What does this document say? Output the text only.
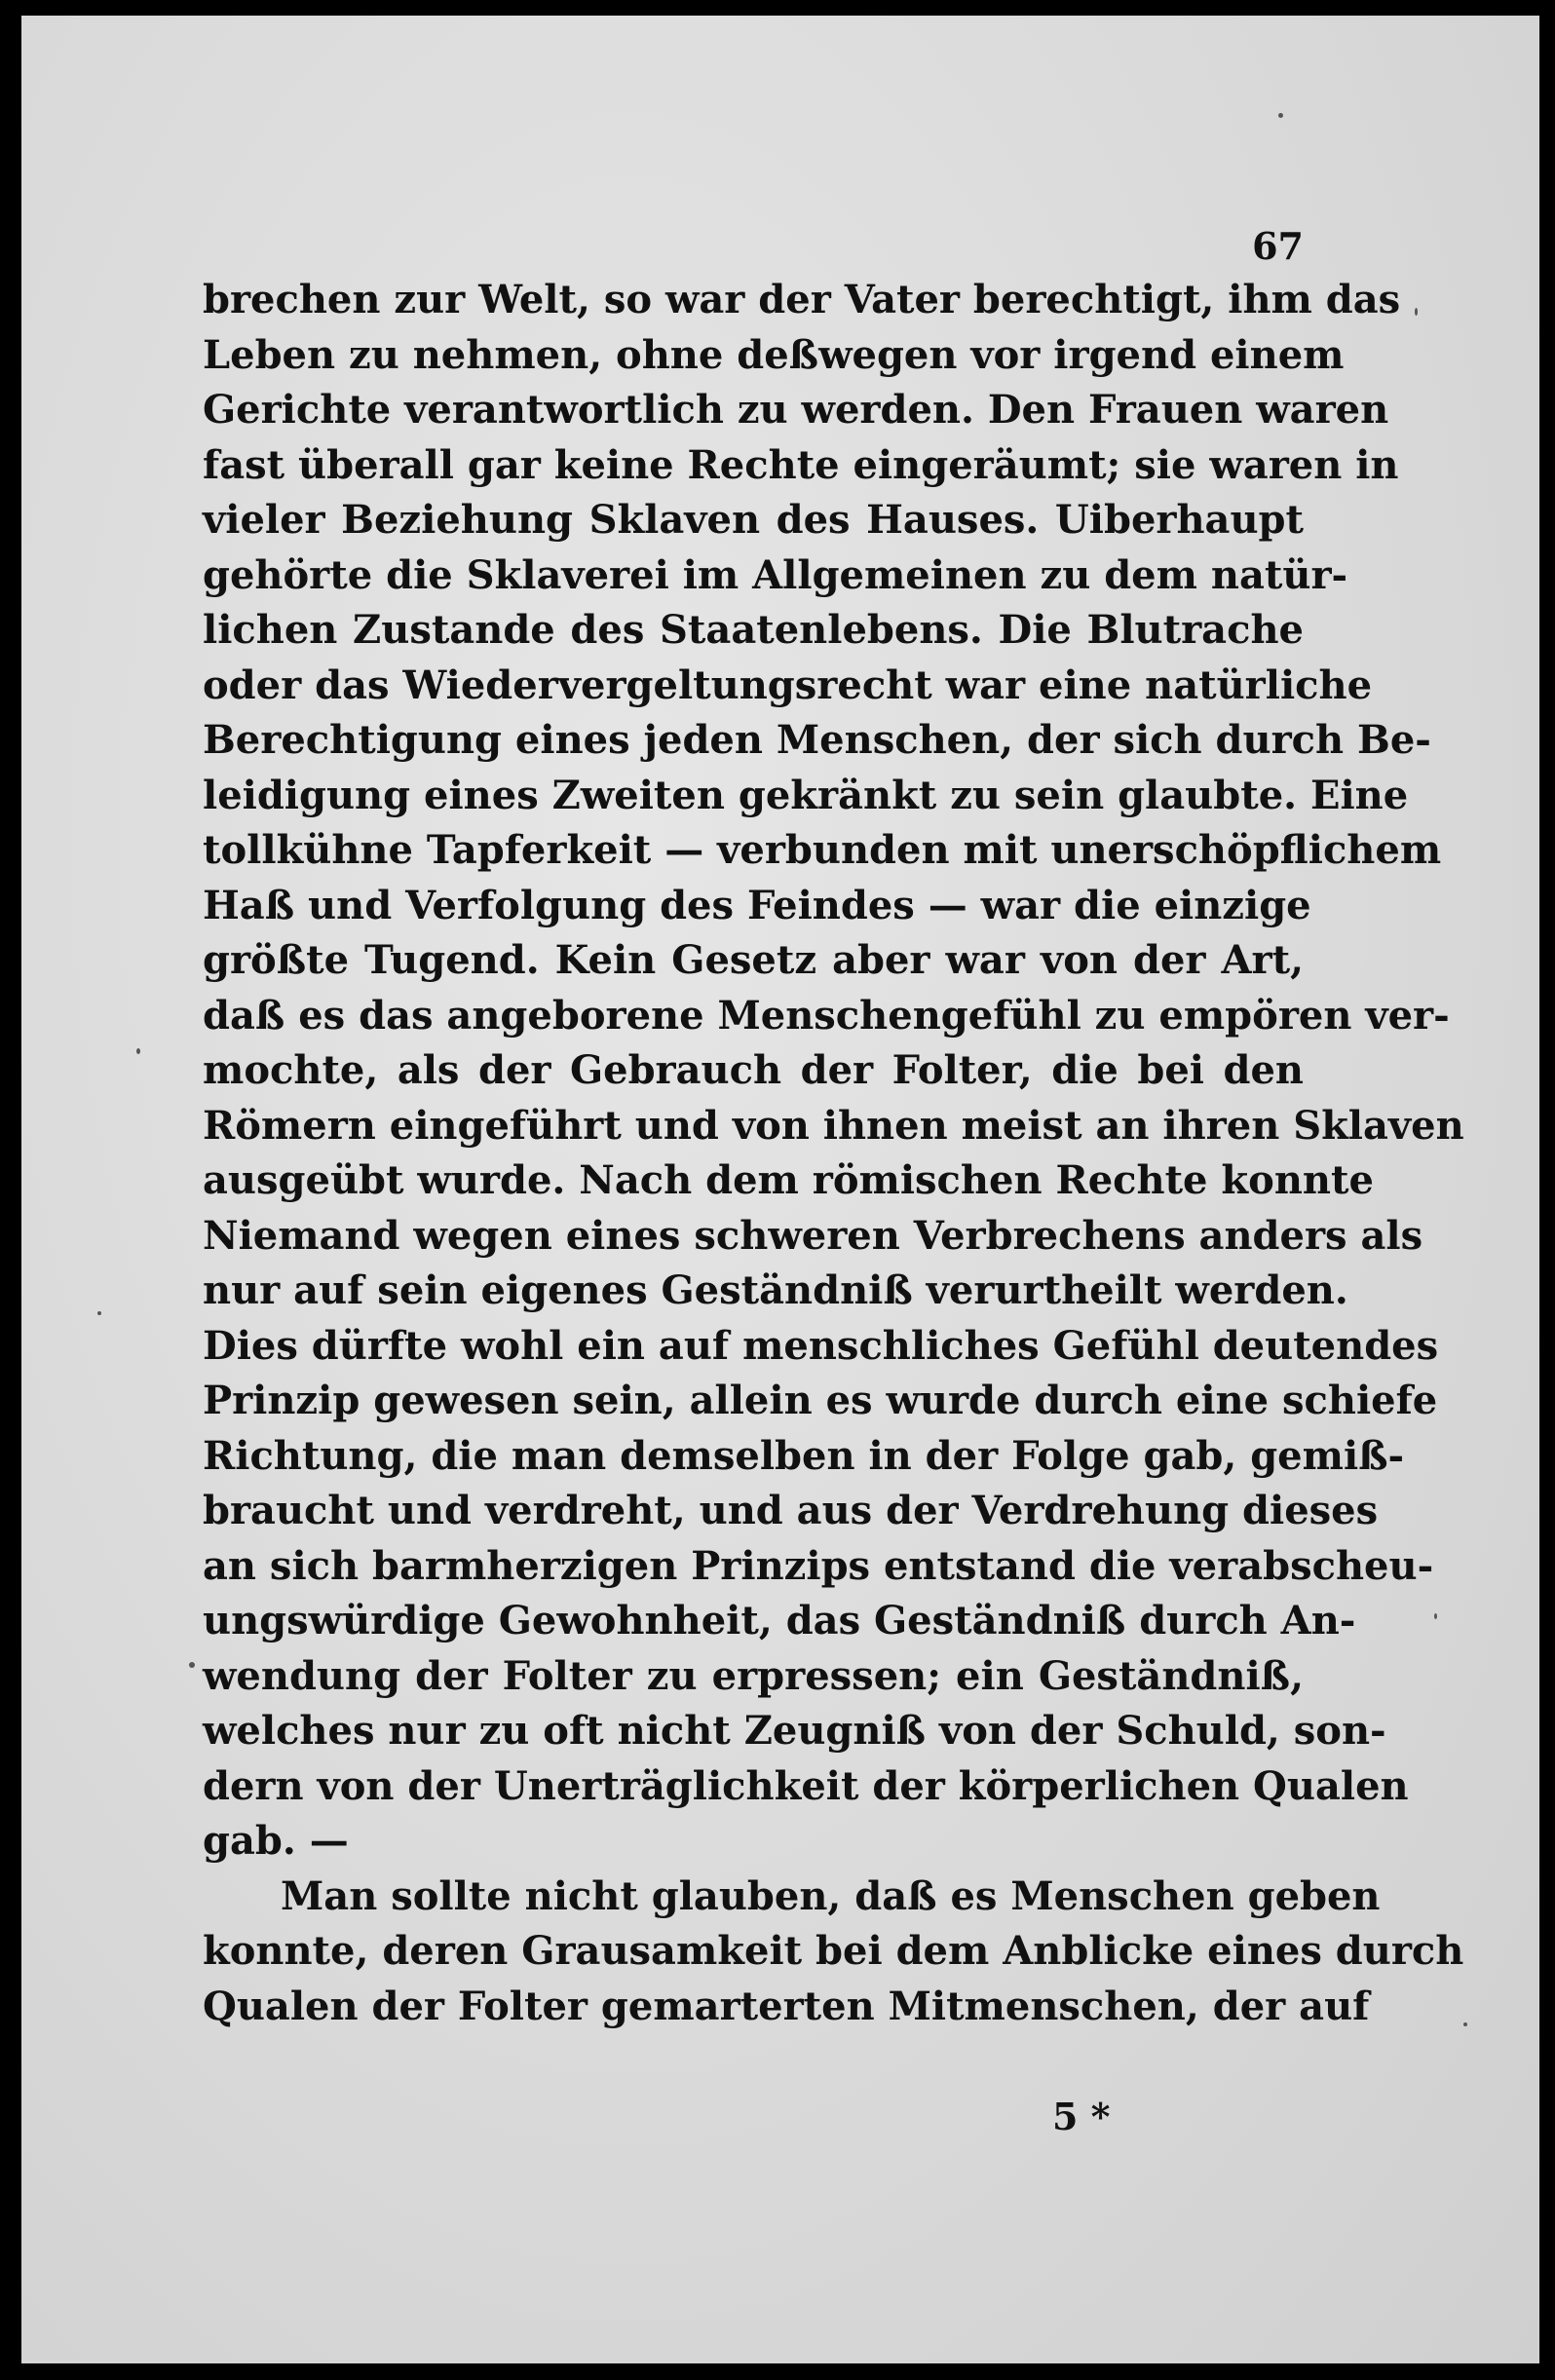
67
brechen zur Welt, so war der Vater berechtigt, ihm das
Leben zu nehmen, ohne deßwegen vor irgend einem
Gerichte verantwortlich zu werden. Den Frauen waren
fast überall gar keine Rechte eingeräumt; sie waren in
vieler Beziehung Sklaven des Hauses. Uiberhaupt
gehörte die Sklaverei im Allgemeinen zu dem natür-
lichen Zustande des Staatenlebens. Die Blutrache
oder das Wiedervergeltungsrecht war eine natürliche
Berechtigung eines jeden Menschen, der sich durch Be-
leidigung eines Zweiten gekränkt zu sein glaubte. Eine
tollkühne Tapferkeit — verbunden mit unerschöpflichem
Haß und Verfolgung des Feindes — war die einzige
größte Tugend. Kein Gesetz aber war von der Art,
daß es das angeborene Menschengefühl zu empören ver-
mochte, als der Gebrauch der Folter, die bei den
Römern eingeführt und von ihnen meist an ihren Sklaven
ausgeübt wurde. Nach dem römischen Rechte konnte
Niemand wegen eines schweren Verbrechens anders als
nur auf sein eigenes Geständniß verurtheilt werden.
Dies dürfte wohl ein auf menschliches Gefühl deutendes
Prinzip gewesen sein, allein es wurde durch eine schiefe
Richtung, die man demselben in der Folge gab, gemiß-
braucht und verdreht, und aus der Verdrehung dieses
an sich barmherzigen Prinzips entstand die verabscheu-
ungswürdige Gewohnheit, das Geständniß durch An-
wendung der Folter zu erpressen; ein Geständniß,
welches nur zu oft nicht Zeugniß von der Schuld, son-
dern von der Unerträglichkeit der körperlichen Qualen
gab. —
Man sollte nicht glauben, daß es Menschen geben
konnte, deren Grausamkeit bei dem Anblicke eines durch
Qualen der Folter gemarterten Mitmenschen, der auf
5 *
